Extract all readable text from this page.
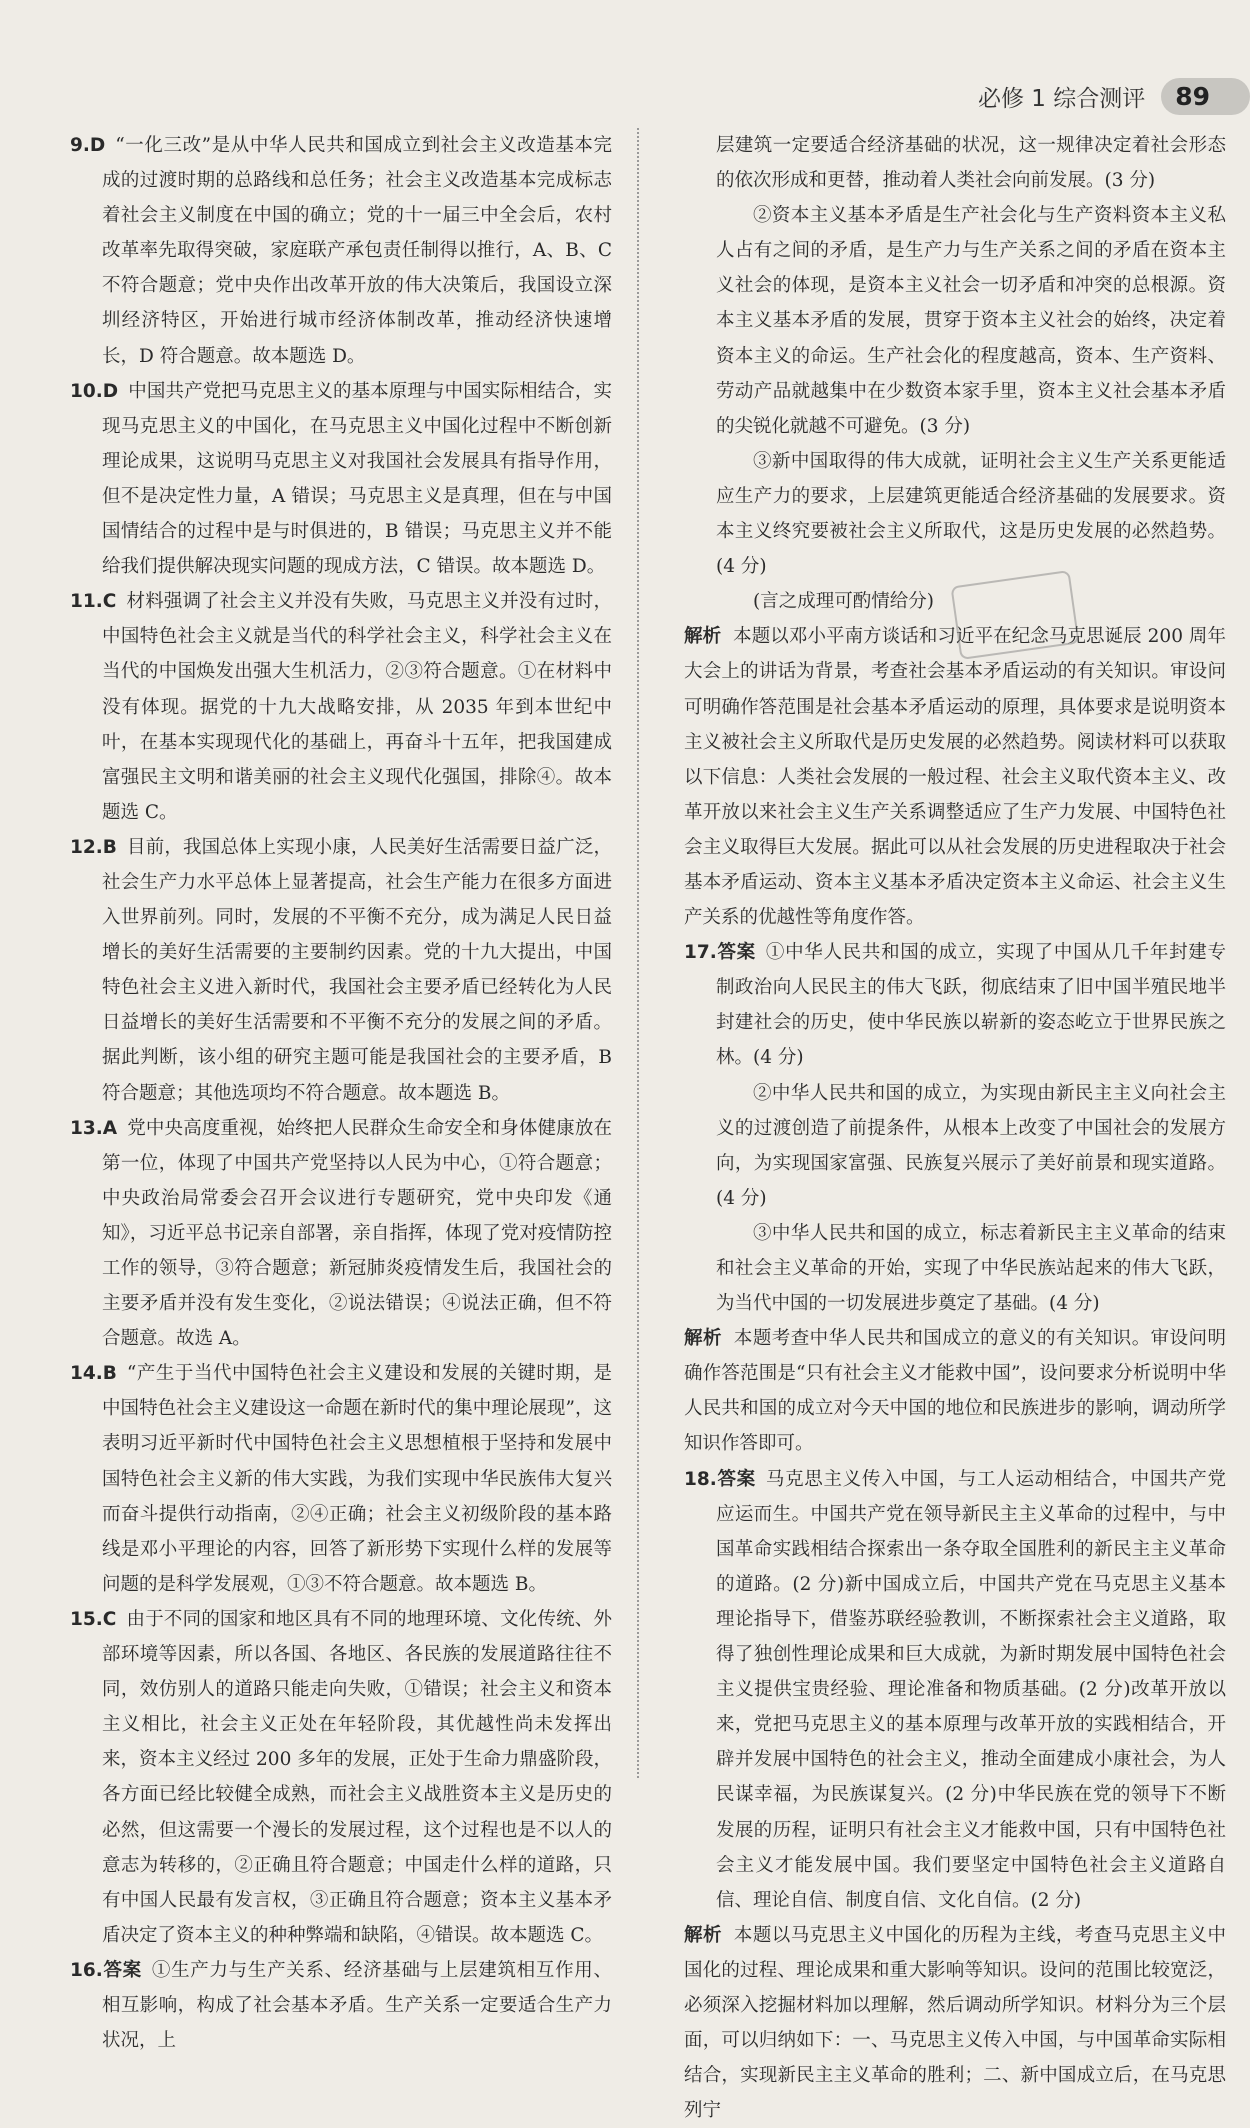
必修 1 综合测评	89
9.D “一化三改”是从中华人民共和国成立到社会主义改造基本完成的过渡时期的总路线和总任务；社会主义改造基本完成标志着社会主义制度在中国的确立；党的十一届三中全会后，农村改革率先取得突破，家庭联产承包责任制得以推行，A、B、C 不符合题意；党中央作出改革开放的伟大决策后，我国设立深圳经济特区，开始进行城市经济体制改革，推动经济快速增长，D 符合题意。故本题选 D。
10.D 中国共产党把马克思主义的基本原理与中国实际相结合，实现马克思主义的中国化，在马克思主义中国化过程中不断创新理论成果，这说明马克思主义对我国社会发展具有指导作用，但不是决定性力量，A 错误；马克思主义是真理，但在与中国国情结合的过程中是与时俱进的，B 错误；马克思主义并不能给我们提供解决现实问题的现成方法，C 错误。故本题选 D。
11.C 材料强调了社会主义并没有失败，马克思主义并没有过时，中国特色社会主义就是当代的科学社会主义，科学社会主义在当代的中国焕发出强大生机活力，②③符合题意。①在材料中没有体现。据党的十九大战略安排，从 2035 年到本世纪中叶，在基本实现现代化的基础上，再奋斗十五年，把我国建成富强民主文明和谐美丽的社会主义现代化强国，排除④。故本题选 C。
12.B 目前，我国总体上实现小康，人民美好生活需要日益广泛，社会生产力水平总体上显著提高，社会生产能力在很多方面进入世界前列。同时，发展的不平衡不充分，成为满足人民日益增长的美好生活需要的主要制约因素。党的十九大提出，中国特色社会主义进入新时代，我国社会主要矛盾已经转化为人民日益增长的美好生活需要和不平衡不充分的发展之间的矛盾。据此判断，该小组的研究主题可能是我国社会的主要矛盾，B 符合题意；其他选项均不符合题意。故本题选 B。
13.A 党中央高度重视，始终把人民群众生命安全和身体健康放在第一位，体现了中国共产党坚持以人民为中心，①符合题意；中央政治局常委会召开会议进行专题研究，党中央印发《通知》，习近平总书记亲自部署，亲自指挥，体现了党对疫情防控工作的领导，③符合题意；新冠肺炎疫情发生后，我国社会的主要矛盾并没有发生变化，②说法错误；④说法正确，但不符合题意。故选 A。
14.B “产生于当代中国特色社会主义建设和发展的关键时期，是中国特色社会主义建设这一命题在新时代的集中理论展现”，这表明习近平新时代中国特色社会主义思想植根于坚持和发展中国特色社会主义新的伟大实践，为我们实现中华民族伟大复兴而奋斗提供行动指南，②④正确；社会主义初级阶段的基本路线是邓小平理论的内容，回答了新形势下实现什么样的发展等问题的是科学发展观，①③不符合题意。故本题选 B。
15.C 由于不同的国家和地区具有不同的地理环境、文化传统、外部环境等因素，所以各国、各地区、各民族的发展道路往往不同，效仿别人的道路只能走向失败，①错误；社会主义和资本主义相比，社会主义正处在年轻阶段，其优越性尚未发挥出来，资本主义经过 200 多年的发展，正处于生命力鼎盛阶段，各方面已经比较健全成熟，而社会主义战胜资本主义是历史的必然，但这需要一个漫长的发展过程，这个过程也是不以人的意志为转移的，②正确且符合题意；中国走什么样的道路，只有中国人民最有发言权，③正确且符合题意；资本主义基本矛盾决定了资本主义的种种弊端和缺陷，④错误。故本题选 C。
16.答案 ①生产力与生产关系、经济基础与上层建筑相互作用、相互影响，构成了社会基本矛盾。生产关系一定要适合生产力状况，上
层建筑一定要适合经济基础的状况，这一规律决定着社会形态的依次形成和更替，推动着人类社会向前发展。(3 分)
②资本主义基本矛盾是生产社会化与生产资料资本主义私人占有之间的矛盾，是生产力与生产关系之间的矛盾在资本主义社会的体现，是资本主义社会一切矛盾和冲突的总根源。资本主义基本矛盾的发展，贯穿于资本主义社会的始终，决定着资本主义的命运。生产社会化的程度越高，资本、生产资料、劳动产品就越集中在少数资本家手里，资本主义社会基本矛盾的尖锐化就越不可避免。(3 分)
③新中国取得的伟大成就，证明社会主义生产关系更能适应生产力的要求，上层建筑更能适合经济基础的发展要求。资本主义终究要被社会主义所取代，这是历史发展的必然趋势。(4 分)
(言之成理可酌情给分)
解析 本题以邓小平南方谈话和习近平在纪念马克思诞辰 200 周年大会上的讲话为背景，考查社会基本矛盾运动的有关知识。审设问可明确作答范围是社会基本矛盾运动的原理，具体要求是说明资本主义被社会主义所取代是历史发展的必然趋势。阅读材料可以获取以下信息：人类社会发展的一般过程、社会主义取代资本主义、改革开放以来社会主义生产关系调整适应了生产力发展、中国特色社会主义取得巨大发展。据此可以从社会发展的历史进程取决于社会基本矛盾运动、资本主义基本矛盾决定资本主义命运、社会主义生产关系的优越性等角度作答。
17.答案 ①中华人民共和国的成立，实现了中国从几千年封建专制政治向人民民主的伟大飞跃，彻底结束了旧中国半殖民地半封建社会的历史，使中华民族以崭新的姿态屹立于世界民族之林。(4 分)
②中华人民共和国的成立，为实现由新民主主义向社会主义的过渡创造了前提条件，从根本上改变了中国社会的发展方向，为实现国家富强、民族复兴展示了美好前景和现实道路。(4 分)
③中华人民共和国的成立，标志着新民主主义革命的结束和社会主义革命的开始，实现了中华民族站起来的伟大飞跃，为当代中国的一切发展进步奠定了基础。(4 分)
解析 本题考查中华人民共和国成立的意义的有关知识。审设问明确作答范围是“只有社会主义才能救中国”，设问要求分析说明中华人民共和国的成立对今天中国的地位和民族进步的影响，调动所学知识作答即可。
18.答案 马克思主义传入中国，与工人运动相结合，中国共产党应运而生。中国共产党在领导新民主主义革命的过程中，与中国革命实践相结合探索出一条夺取全国胜利的新民主主义革命的道路。(2 分)新中国成立后，中国共产党在马克思主义基本理论指导下，借鉴苏联经验教训，不断探索社会主义道路，取得了独创性理论成果和巨大成就，为新时期发展中国特色社会主义提供宝贵经验、理论准备和物质基础。(2 分)改革开放以来，党把马克思主义的基本原理与改革开放的实践相结合，开辟并发展中国特色的社会主义，推动全面建成小康社会，为人民谋幸福，为民族谋复兴。(2 分)中华民族在党的领导下不断发展的历程，证明只有社会主义才能救中国，只有中国特色社会主义才能发展中国。我们要坚定中国特色社会主义道路自信、理论自信、制度自信、文化自信。(2 分)
解析 本题以马克思主义中国化的历程为主线，考查马克思主义中国化的过程、理论成果和重大影响等知识。设问的范围比较宽泛，必须深入挖掘材料加以理解，然后调动所学知识。材料分为三个层面，可以归纳如下：一、马克思主义传入中国，与中国革命实际相结合，实现新民主主义革命的胜利；二、新中国成立后，在马克思列宁
